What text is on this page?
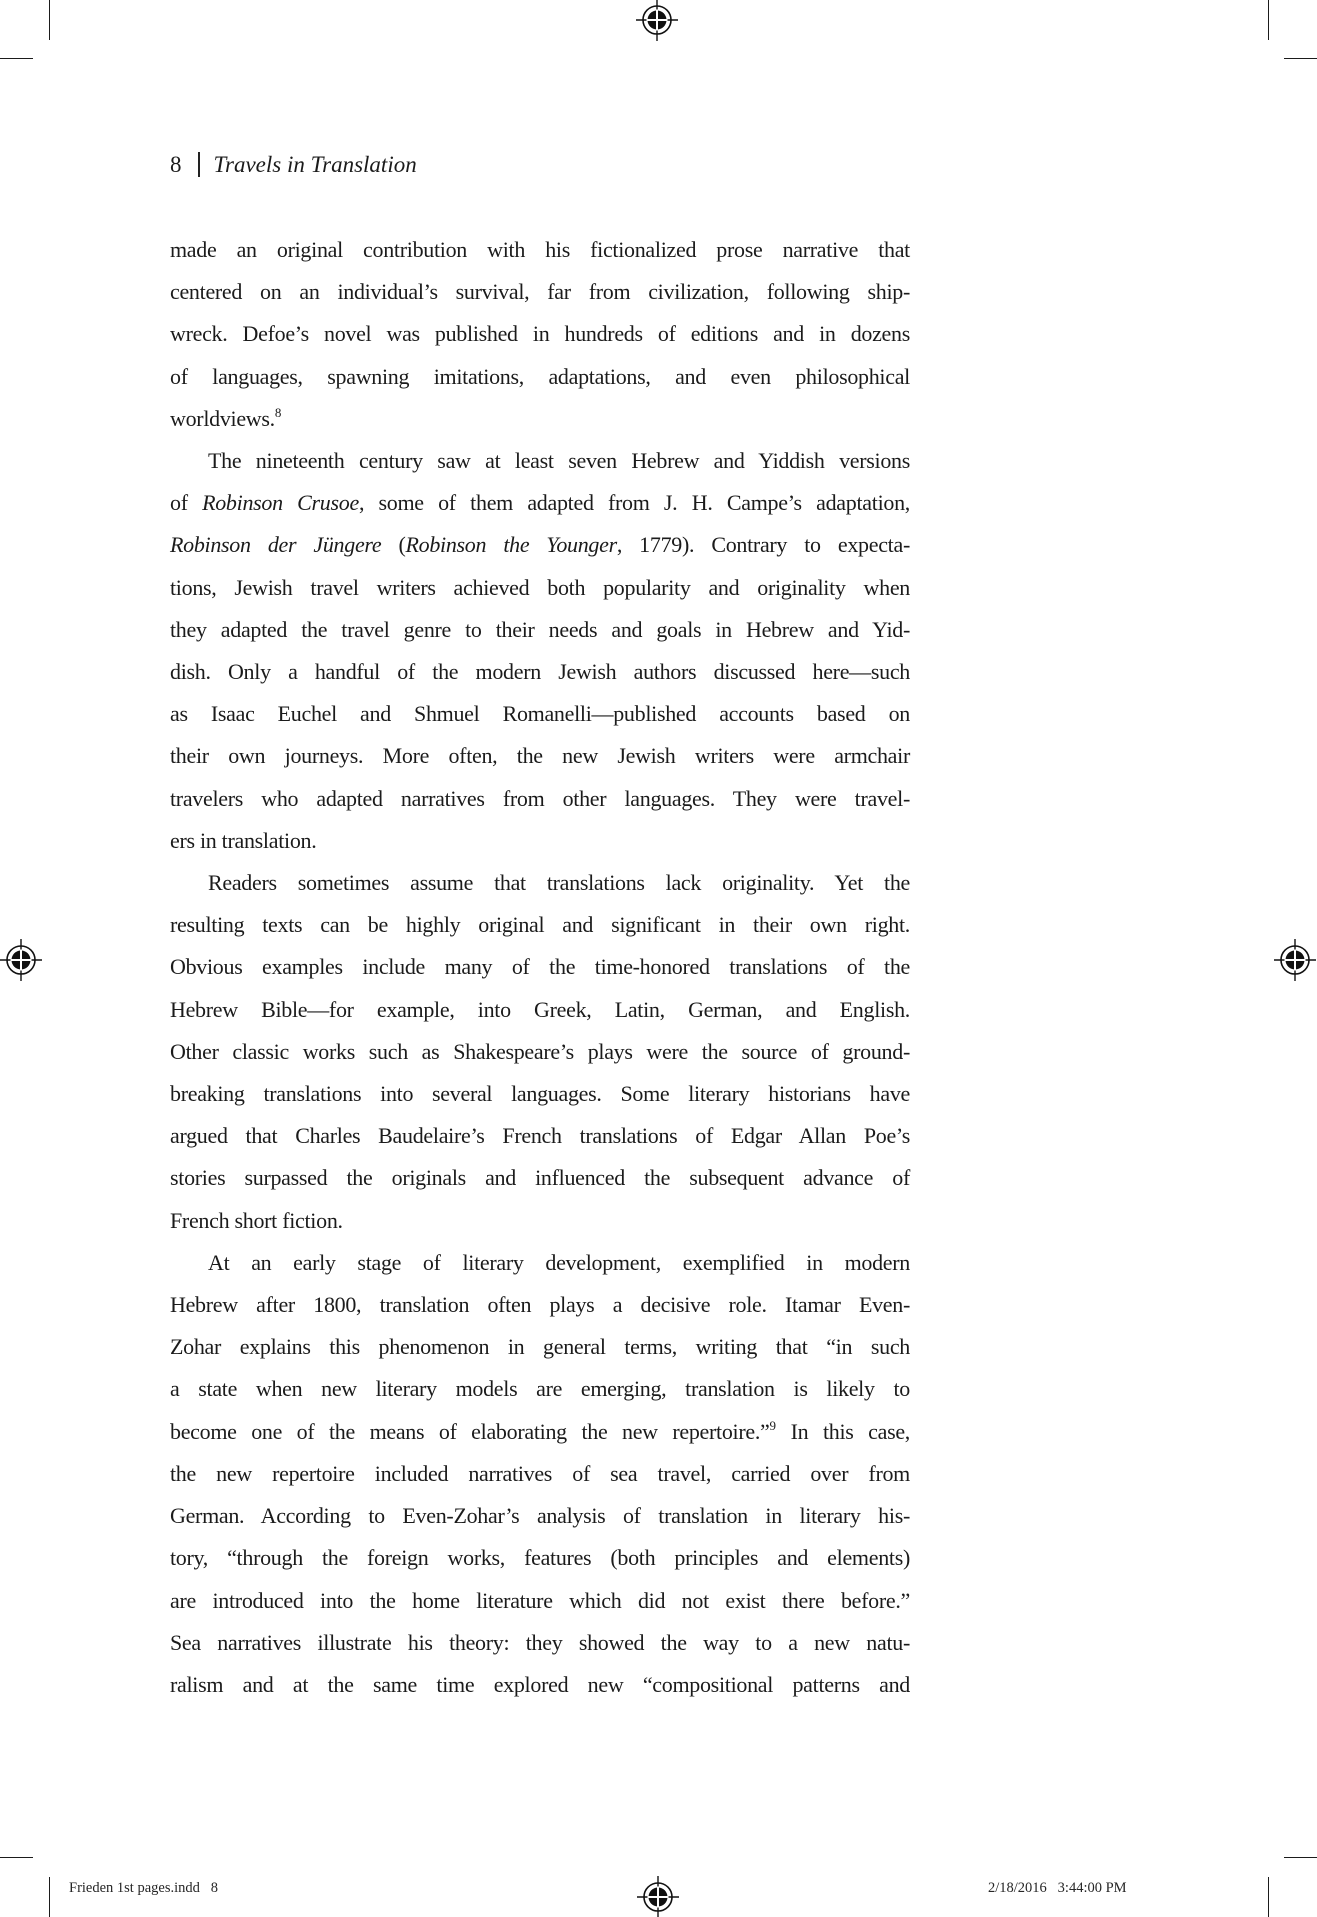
8 Travels in Translation
made an original contribution with his fictionalized prose narrative that
centered on an individual’s survival, far from civilization, following ship-
wreck. Defoe’s novel was published in hundreds of editions and in dozens
of languages, spawning imitations, adaptations, and even philosophical
worldviews.$^8$
The nineteenth century saw at least seven Hebrew and Yiddish versions
of Robinson Crusoe, some of them adapted from J. H. Campe’s adaptation,
Robinson der Jüngere (Robinson the Younger, 1779). Contrary to expecta-
tions, Jewish travel writers achieved both popularity and originality when
they adapted the travel genre to their needs and goals in Hebrew and Yid-
dish. Only a handful of the modern Jewish authors discussed here—such
as Isaac Euchel and Shmuel Romanelli—published accounts based on
their own journeys. More often, the new Jewish writers were armchair
travelers who adapted narratives from other languages. They were travel-
ers in translation.
Readers sometimes assume that translations lack originality. Yet the
resulting texts can be highly original and significant in their own right.
Obvious examples include many of the time-honored translations of the
Hebrew Bible—for example, into Greek, Latin, German, and English.
Other classic works such as Shakespeare’s plays were the source of ground-
breaking translations into several languages. Some literary historians have
argued that Charles Baudelaire’s French translations of Edgar Allan Poe’s
stories surpassed the originals and influenced the subsequent advance of
French short fiction.
At an early stage of literary development, exemplified in modern
Hebrew after 1800, translation often plays a decisive role. Itamar Even-
Zohar explains this phenomenon in general terms, writing that “in such
a state when new literary models are emerging, translation is likely to
become one of the means of elaborating the new repertoire.”$^9$ In this case,
the new repertoire included narratives of sea travel, carried over from
German. According to Even-Zohar’s analysis of translation in literary his-
tory, “through the foreign works, features (both principles and elements)
are introduced into the home literature which did not exist there before.”
Sea narratives illustrate his theory: they showed the way to a new natu-
ralism and at the same time explored new “compositional patterns and

Frieden 1st pages.indd   8

	2/18/2016   3:44:00 PM
